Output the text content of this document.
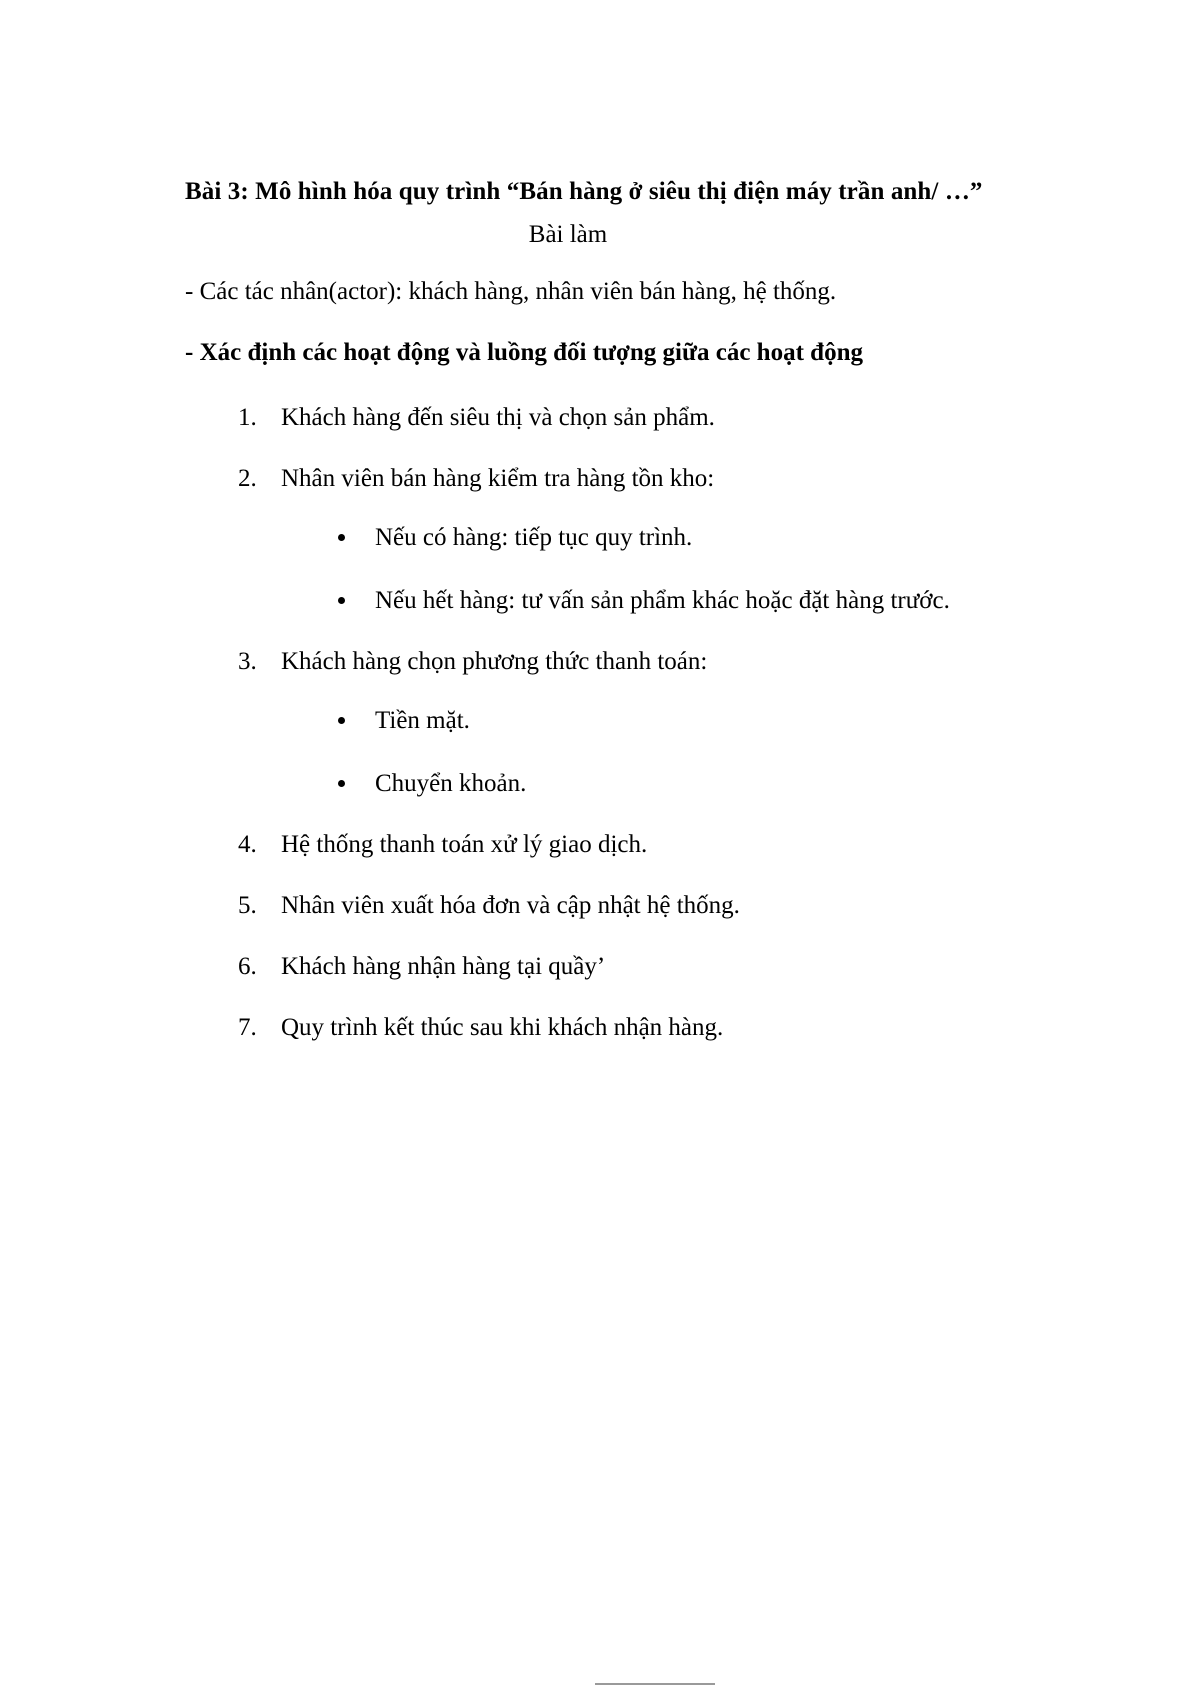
Bài 3: Mô hình hóa quy trình “Bán hàng ở siêu thị điện máy trần anh/ …”
Bài làm

- Các tác nhân(actor): khách hàng, nhân viên bán hàng, hệ thống.

- Xác định các hoạt động và luồng đối tượng giữa các hoạt động

1. Khách hàng đến siêu thị và chọn sản phẩm.
2. Nhân viên bán hàng kiểm tra hàng tồn kho:
• Nếu có hàng: tiếp tục quy trình.
• Nếu hết hàng: tư vấn sản phẩm khác hoặc đặt hàng trước.
3. Khách hàng chọn phương thức thanh toán:
• Tiền mặt.
• Chuyển khoản.
4. Hệ thống thanh toán xử lý giao dịch.
5. Nhân viên xuất hóa đơn và cập nhật hệ thống.
6. Khách hàng nhận hàng tại quầy’
7. Quy trình kết thúc sau khi khách nhận hàng.
